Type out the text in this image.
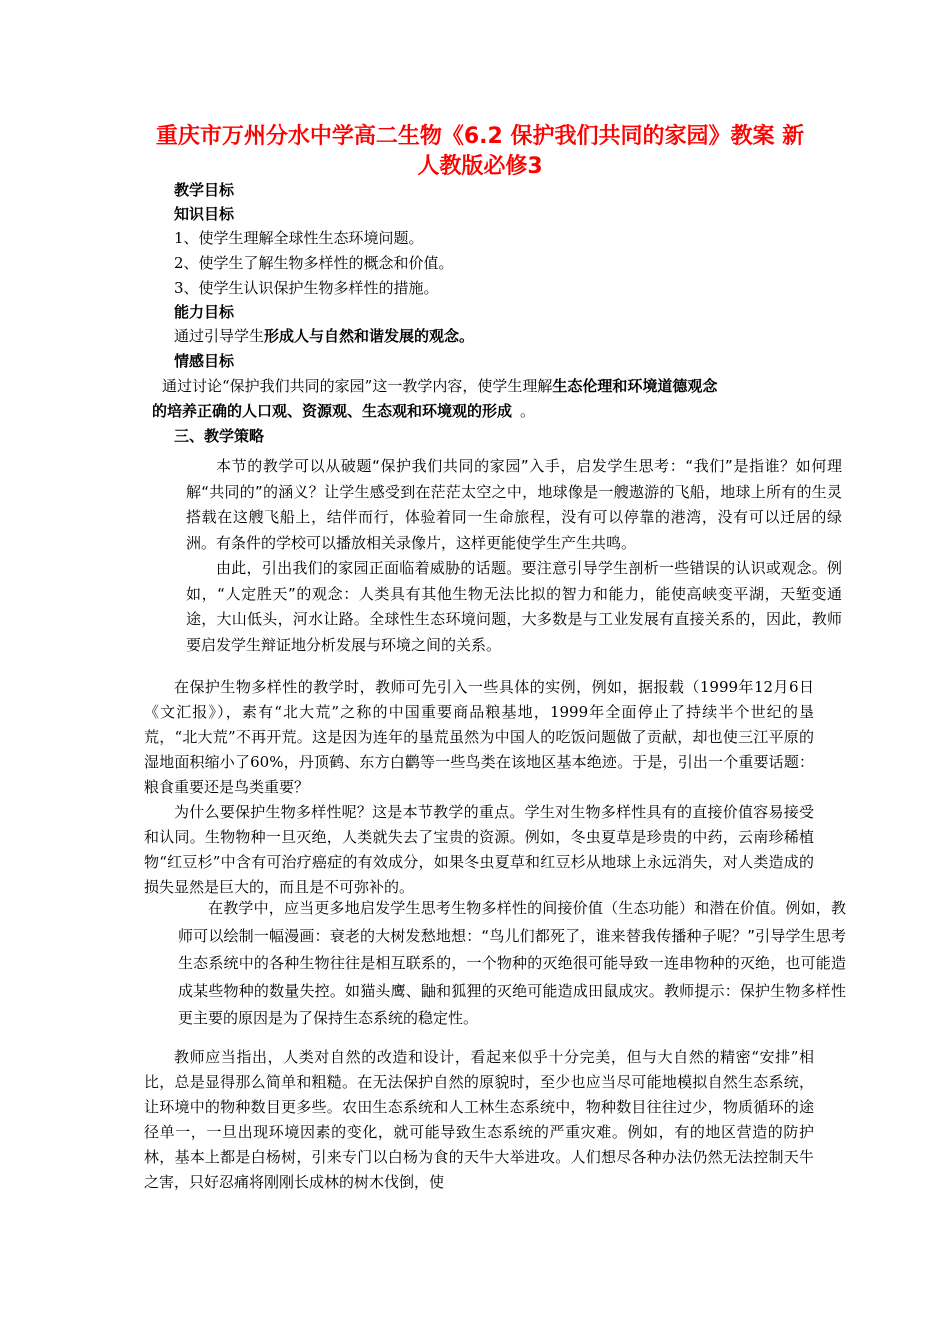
重庆市万州分水中学高二生物《6.2 保护我们共同的家园》教案 新
人教版必修3
教学目标
知识目标
1、使学生理解全球性生态环境问题。
2、使学生了解生物多样性的概念和价值。
3、使学生认识保护生物多样性的措施。
能力目标
通过引导学生形成人与自然和谐发展的观念。
情感目标
通过讨论“保护我们共同的家园”这一教学内容，使学生理解生态伦理和环境道德观念
的培养正确的人口观、资源观、生态观和环境观的形成 。
三、教学策略
本节的教学可以从破题“保护我们共同的家园”入手，启发学生思考：“我们”是指谁？如何理解“共同的”的涵义？让学生感受到在茫茫太空之中，地球像是一艘遨游的飞船，地球上所有的生灵搭载在这艘飞船上，结伴而行，体验着同一生命旅程，没有可以停靠的港湾，没有可以迁居的绿洲。有条件的学校可以播放相关录像片，这样更能使学生产生共鸣。
由此，引出我们的家园正面临着威胁的话题。要注意引导学生剖析一些错误的认识或观念。例如，“人定胜天”的观念：人类具有其他生物无法比拟的智力和能力，能使高峡变平湖，天堑变通途，大山低头，河水让路。全球性生态环境问题，大多数是与工业发展有直接关系的，因此，教师要启发学生辩证地分析发展与环境之间的关系。
在保护生物多样性的教学时，教师可先引入一些具体的实例，例如，据报载（1999年12月6日《文汇报》），素有“北大荒”之称的中国重要商品粮基地，1999年全面停止了持续半个世纪的垦荒，“北大荒”不再开荒。这是因为连年的垦荒虽然为中国人的吃饭问题做了贡献，却也使三江平原的湿地面积缩小了60%，丹顶鹤、东方白鹳等一些鸟类在该地区基本绝迹。于是，引出一个重要话题：粮食重要还是鸟类重要？
为什么要保护生物多样性呢？这是本节教学的重点。学生对生物多样性具有的直接价值容易接受和认同。生物物种一旦灭绝，人类就失去了宝贵的资源。例如，冬虫夏草是珍贵的中药，云南珍稀植物“红豆杉”中含有可治疗癌症的有效成分，如果冬虫夏草和红豆杉从地球上永远消失，对人类造成的损失显然是巨大的，而且是不可弥补的。
在教学中，应当更多地启发学生思考生物多样性的间接价值（生态功能）和潜在价值。例如，教师可以绘制一幅漫画：衰老的大树发愁地想：“鸟儿们都死了，谁来替我传播种子呢？”引导学生思考生态系统中的各种生物往往是相互联系的，一个物种的灭绝很可能导致一连串物种的灭绝，也可能造成某些物种的数量失控。如猫头鹰、鼬和狐狸的灭绝可能造成田鼠成灾。教师提示：保护生物多样性更主要的原因是为了保持生态系统的稳定性。
教师应当指出，人类对自然的改造和设计，看起来似乎十分完美，但与大自然的精密“安排”相比，总是显得那么简单和粗糙。在无法保护自然的原貌时，至少也应当尽可能地模拟自然生态系统，让环境中的物种数目更多些。农田生态系统和人工林生态系统中，物种数目往往过少，物质循环的途径单一，一旦出现环境因素的变化，就可能导致生态系统的严重灾难。例如，有的地区营造的防护林，基本上都是白杨树，引来专门以白杨为食的天牛大举进攻。人们想尽各种办法仍然无法控制天牛之害，只好忍痛将刚刚长成林的树木伐倒，使
